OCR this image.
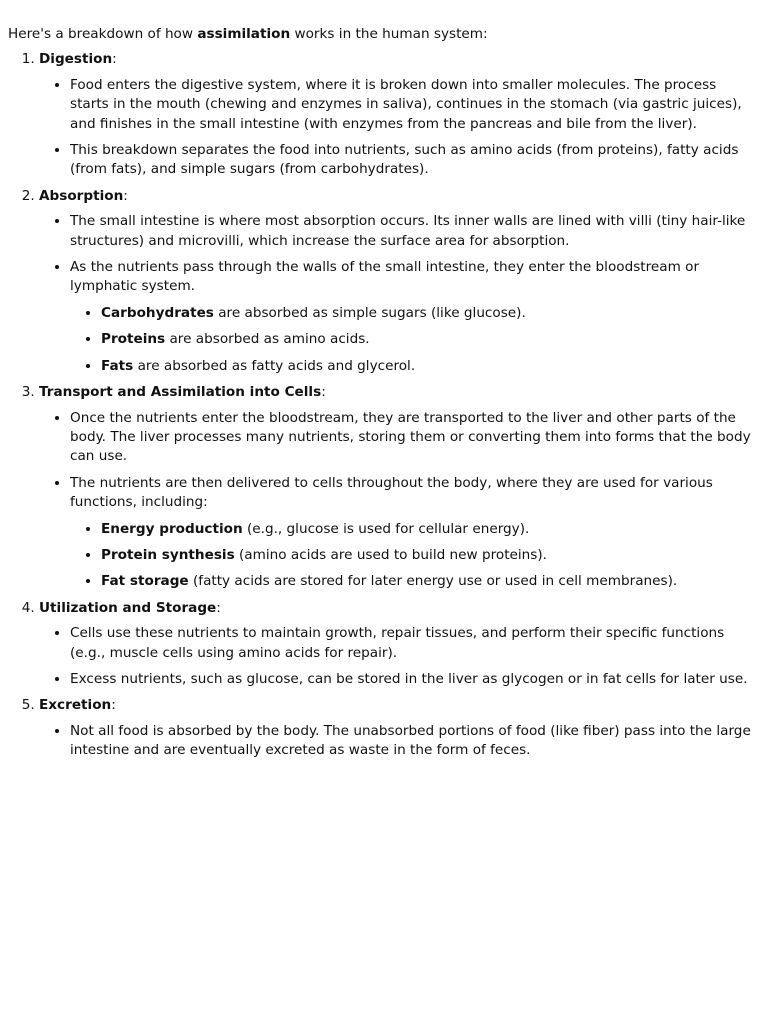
Here's a breakdown of how assimilation works in the human system:

1. Digestion:
• Food enters the digestive system, where it is broken down into smaller molecules. The process starts in the mouth (chewing and enzymes in saliva), continues in the stomach (via gastric juices), and finishes in the small intestine (with enzymes from the pancreas and bile from the liver).
• This breakdown separates the food into nutrients, such as amino acids (from proteins), fatty acids (from fats), and simple sugars (from carbohydrates).
2. Absorption:
• The small intestine is where most absorption occurs. Its inner walls are lined with villi (tiny hair-like structures) and microvilli, which increase the surface area for absorption.
• As the nutrients pass through the walls of the small intestine, they enter the bloodstream or lymphatic system.
• Carbohydrates are absorbed as simple sugars (like glucose).
• Proteins are absorbed as amino acids.
• Fats are absorbed as fatty acids and glycerol.
3. Transport and Assimilation into Cells:
• Once the nutrients enter the bloodstream, they are transported to the liver and other parts of the body. The liver processes many nutrients, storing them or converting them into forms that the body can use.
• The nutrients are then delivered to cells throughout the body, where they are used for various functions, including:
• Energy production (e.g., glucose is used for cellular energy).
• Protein synthesis (amino acids are used to build new proteins).
• Fat storage (fatty acids are stored for later energy use or used in cell membranes).
4. Utilization and Storage:
• Cells use these nutrients to maintain growth, repair tissues, and perform their specific functions (e.g., muscle cells using amino acids for repair).
• Excess nutrients, such as glucose, can be stored in the liver as glycogen or in fat cells for later use.
5. Excretion:
• Not all food is absorbed by the body. The unabsorbed portions of food (like fiber) pass into the large intestine and are eventually excreted as waste in the form of feces.
